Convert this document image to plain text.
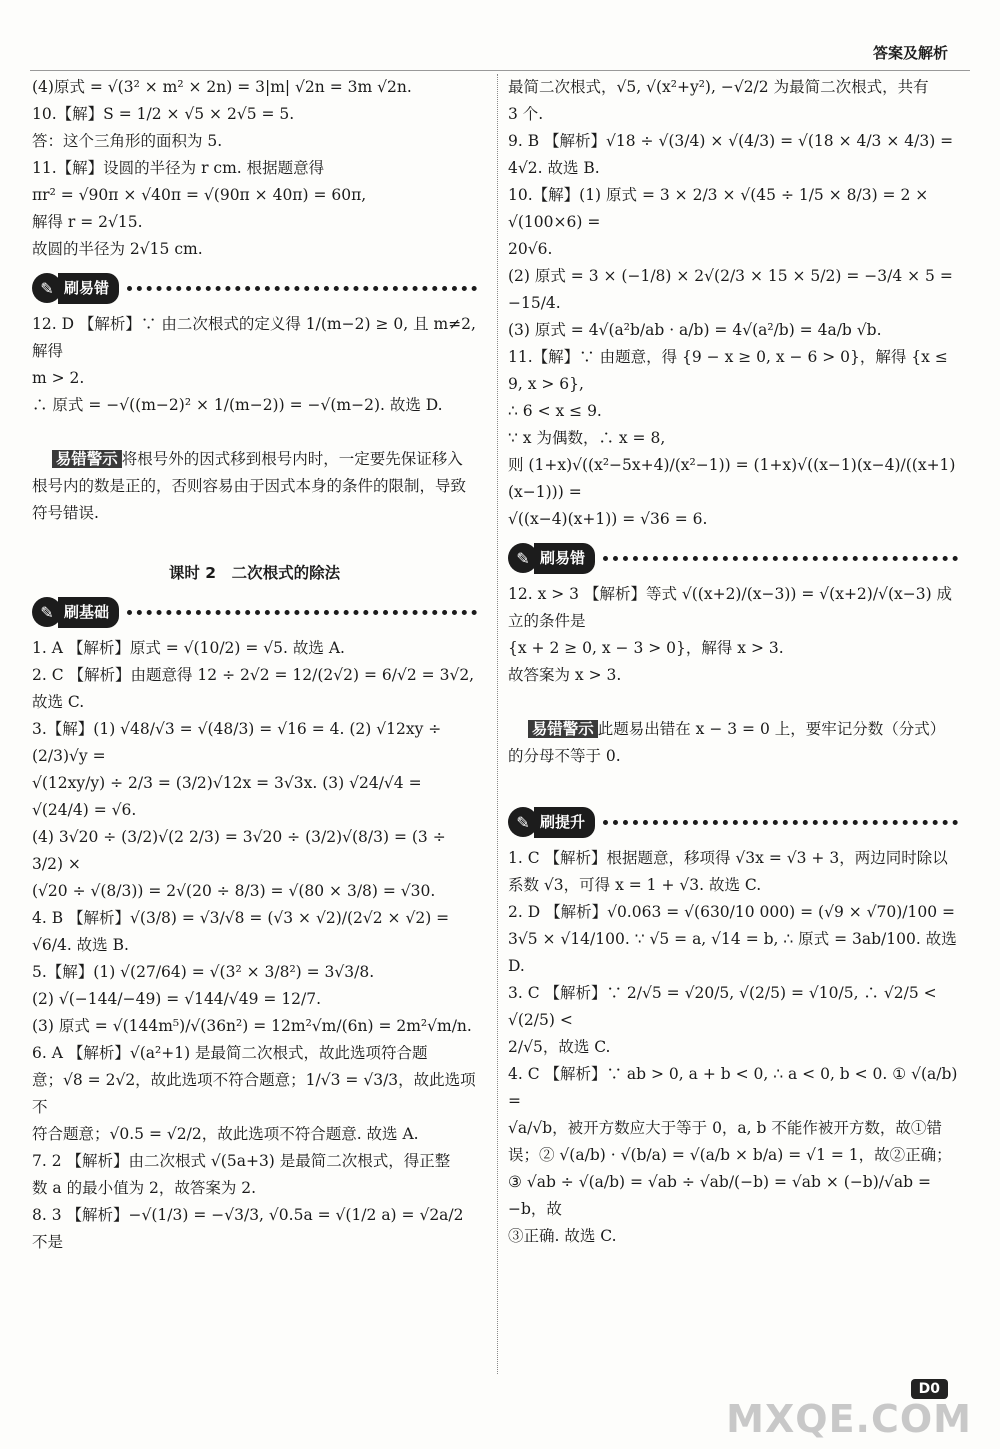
答案及解析
(4)原式 = √(3² × m² × 2n) = 3|m| √2n = 3m √2n.
10.【解】S = 1/2 × √5 × 2√5 = 5.
答：这个三角形的面积为 5.
11.【解】设圆的半径为 r cm. 根据题意得
πr² = √90π × √40π = √(90π × 40π) = 60π,
解得 r = 2√15.
故圆的半径为 2√15 cm.
✎ 刷易错
12. D 【解析】∵ 由二次根式的定义得 1/(m−2) ≥ 0, 且 m≠2, 解得
m > 2.
∴ 原式 = −√((m−2)² × 1/(m−2)) = −√(m−2). 故选 D.

易错警示 将根号外的因式移到根号内时，一定要先保证移入根号内的数是正的，否则容易由于因式本身的条件的限制，导致符号错误.

课时 2　二次根式的除法
✎ 刷基础
1. A 【解析】原式 = √(10/2) = √5. 故选 A.
2. C 【解析】由题意得 12 ÷ 2√2 = 12/(2√2) = 6/√2 = 3√2, 故选 C.
3.【解】(1) √48/√3 = √(48/3) = √16 = 4. (2) √12xy ÷ (2/3)√y =
√(12xy/y) ÷ 2/3 = (3/2)√12x = 3√3x. (3) √24/√4 = √(24/4) = √6.
(4) 3√20 ÷ (3/2)√(2 2/3) = 3√20 ÷ (3/2)√(8/3) = (3 ÷ 3/2) ×
(√20 ÷ √(8/3)) = 2√(20 ÷ 8/3) = √(80 × 3/8) = √30.
4. B 【解析】√(3/8) = √3/√8 = (√3 × √2)/(2√2 × √2) = √6/4. 故选 B.
5.【解】(1) √(27/64) = √(3² × 3/8²) = 3√3/8.
(2) √(−144/−49) = √144/√49 = 12/7.
(3) 原式 = √(144m⁵)/√(36n²) = 12m²√m/(6n) = 2m²√m/n.
6. A 【解析】√(a²+1) 是最简二次根式，故此选项符合题
意；√8 = 2√2，故此选项不符合题意；1/√3 = √3/3，故此选项不
符合题意；√0.5 = √2/2，故此选项不符合题意. 故选 A.
7. 2 【解析】由二次根式 √(5a+3) 是最简二次根式，得正整
数 a 的最小值为 2，故答案为 2.
8. 3 【解析】−√(1/3) = −√3/3, √0.5a = √(1/2 a) = √2a/2 不是
最简二次根式，√5, √(x²+y²), −√2/2 为最简二次根式，共有
3 个.
9. B 【解析】√18 ÷ √(3/4) × √(4/3) = √(18 × 4/3 × 4/3) =
4√2. 故选 B.
10.【解】(1) 原式 = 3 × 2/3 × √(45 ÷ 1/5 × 8/3) = 2 × √(100×6) =
20√6.
(2) 原式 = 3 × (−1/8) × 2√(2/3 × 15 × 5/2) = −3/4 × 5 =
−15/4.
(3) 原式 = 4√(a²b/ab · a/b) = 4√(a²/b) = 4a/b √b.
11.【解】∵ 由题意，得 {9 − x ≥ 0, x − 6 > 0}，解得 {x ≤ 9, x > 6},
∴ 6 < x ≤ 9.
∵ x 为偶数，∴ x = 8,
则 (1+x)√((x²−5x+4)/(x²−1)) = (1+x)√((x−1)(x−4)/((x+1)(x−1))) =
√((x−4)(x+1)) = √36 = 6.
✎ 刷易错
12. x > 3 【解析】等式 √((x+2)/(x−3)) = √(x+2)/√(x−3) 成立的条件是
{x + 2 ≥ 0, x − 3 > 0}，解得 x > 3.
故答案为 x > 3.

易错警示 此题易出错在 x − 3 = 0 上，要牢记分数（分式）的分母不等于 0.

✎ 刷提升
1. C 【解析】根据题意，移项得 √3x = √3 + 3，两边同时除以
系数 √3，可得 x = 1 + √3. 故选 C.
2. D 【解析】√0.063 = √(630/10 000) = (√9 × √70)/100 =
3√5 × √14/100. ∵ √5 = a, √14 = b, ∴ 原式 = 3ab/100. 故选 D.
3. C 【解析】∵ 2/√5 = √20/5, √(2/5) = √10/5, ∴ √2/5 < √(2/5) <
2/√5，故选 C.
4. C 【解析】∵ ab > 0, a + b < 0, ∴ a < 0, b < 0. ① √(a/b) =
√a/√b，被开方数应大于等于 0，a, b 不能作被开方数，故①错
误；② √(a/b) · √(b/a) = √(a/b × b/a) = √1 = 1，故②正确；
③ √ab ÷ √(a/b) = √ab ÷ √ab/(−b) = √ab × (−b)/√ab = −b，故
③正确. 故选 C.
D0
MXQE.COM
